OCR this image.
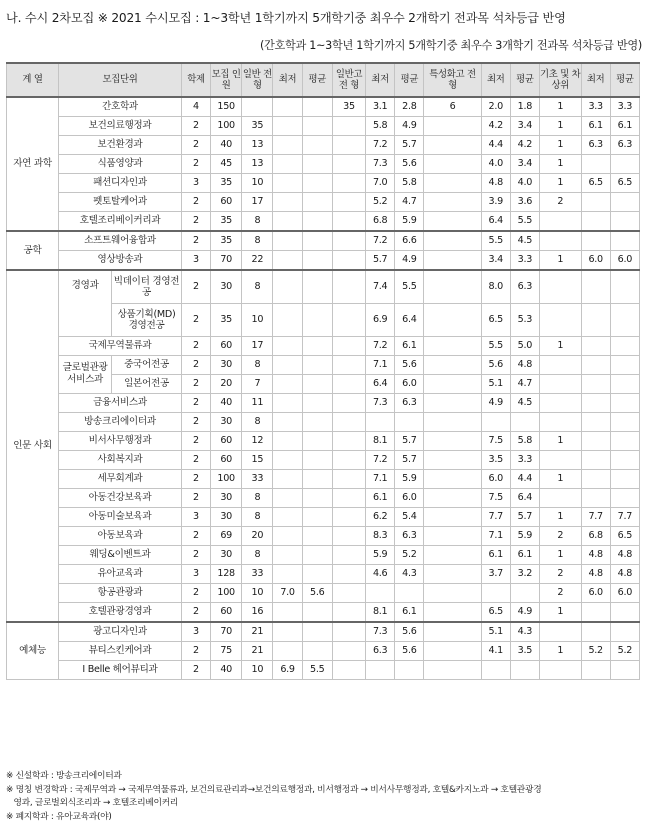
나. 수시 2차모집 ※ 2021 수시모집 : 1~3학년 1학기까지 5개학기중 최우수 2개학기 전과목 석차등급 반영
(간호학과 1~3학년 1학기까지 5개학기중 최우수 3개학기 전과목 석차등급 반영)
계 열	모집단위		학제	모집 인원	일반 전형	최저	평균	일반고 전 형	최저	평균	특성화고 전 형	최저	평균	기초 및 차상위	최저	평균
자연 과학	간호학과		4	150				35	3.1	2.8	6	2.0	1.8	1	3.3	3.3
	보건의료행정과		2	100	35				5.8	4.9		4.2	3.4	1	6.1	6.1
	보건환경과		2	40	13				7.2	5.7		4.4	4.2	1	6.3	6.3
	식품영양과		2	45	13				7.3	5.6		4.0	3.4	1		
	패션디자인과		3	35	10				7.0	5.8		4.8	4.0	1	6.5	6.5
	펫토탈케어과		2	60	17				5.2	4.7		3.9	3.6	2		
	호텔조리베이커리과		2	35	8				6.8	5.9		6.4	5.5			
공학	소프트웨어융합과		2	35	8				7.2	6.6		5.5	4.5			
	영상방송과		3	70	22				5.7	4.9		3.4	3.3	1	6.0	6.0
인문 사회	경영과	빅데이터 경영전공	2	30	8				7.4	5.5		8.0	6.3			
		상품기획(MD) 경영전공	2	35	10				6.9	6.4		6.5	5.3			
	국제무역물류과		2	60	17				7.2	6.1		5.5	5.0	1		
	글로벌관광 서비스과	중국어전공	2	30	8				7.1	5.6		5.6	4.8			
		일본어전공	2	20	7				6.4	6.0		5.1	4.7			
	금융서비스과		2	40	11				7.3	6.3		4.9	4.5			
	방송크리에이터과		2	30	8											
	비서사무행정과		2	60	12				8.1	5.7		7.5	5.8	1		
	사회복지과		2	60	15				7.2	5.7		3.5	3.3			
	세무회계과		2	100	33				7.1	5.9		6.0	4.4	1		
	아동건강보육과		2	30	8				6.1	6.0		7.5	6.4			
	아동미술보육과		3	30	8				6.2	5.4		7.7	5.7	1	7.7	7.7
	아동보육과		2	69	20				8.3	6.3		7.1	5.9	2	6.8	6.5
	웨딩&이벤트과		2	30	8				5.9	5.2		6.1	6.1	1	4.8	4.8
	유아교육과		3	128	33				4.6	4.3		3.7	3.2	2	4.8	4.8
	항공관광과		2	100	10	7.0	5.6							2	6.0	6.0
	호텔관광경영과		2	60	16				8.1	6.1		6.5	4.9	1		
예체능	광고디자인과		3	70	21				7.3	5.6		5.1	4.3			
	뷰티스킨케어과		2	75	21				6.3	5.6		4.1	3.5	1	5.2	5.2
	I Belle 헤어뷰티과		2	40	10	6.9	5.5									
※ 신설학과 : 방송크리에이터과
※ 명칭 변경학과 : 국제무역과 → 국제무역물류과, 보건의료관리과→보건의료행정과, 비서행정과 → 비서사무행정과, 호텔&카지노과 → 호텔관광경
영과, 글로벌외식조리과 → 호텔조리베이커리
※ 폐지학과 : 유아교육과(야)
